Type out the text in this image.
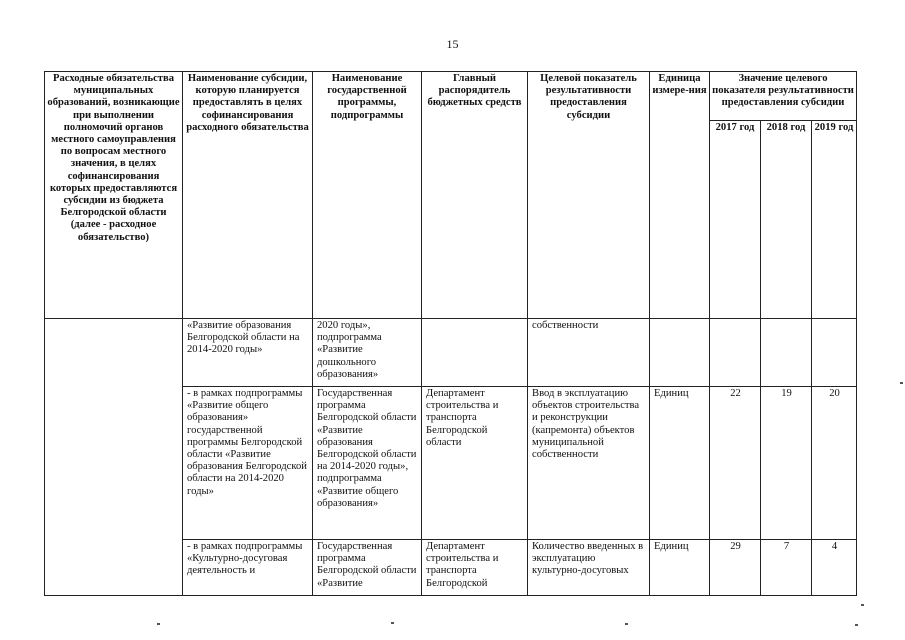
15
Расходные обязательства муниципальных образований, возникающие при выполнении полномочий органов местного самоуправления по вопросам местного значения, в целях софинансирования которых предоставляются субсидии из бюджета Белгородской области (далее - расходное обязательство)	Наименование субсидии, которую планируется предоставлять в целях софинансирования расходного обязательства	Наименование государственной программы, подпрограммы	Главный распорядитель бюджетных средств	Целевой показатель результативности предоставления субсидии	Единица измере-ния	Значение целевого показателя результативности предоставления субсидии		
						2017 год	2018 год	2019 год
	«Развитие образования Белгородской области на 2014-2020 годы»	2020 годы», подпрограмма «Развитие дошкольного образования»		собственности				
	- в рамках подпрограммы «Развитие общего образования» государственной программы Белгородской области «Развитие образования Белгородской области на 2014-2020 годы»	Государственная программа Белгородской области «Развитие образования Белгородской области на 2014-2020 годы», подпрограмма «Развитие общего образования»	Департамент строительства и транспорта Белгородской области	Ввод в эксплуатацию объектов строительства и реконструкции (капремонта) объектов муниципальной собственности	Единиц	22	19	20
	- в рамках подпрограммы «Культурно-досуговая деятельность и	Государственная программа Белгородской области «Развитие	Департамент строительства и транспорта Белгородской	Количество введенных в эксплуатацию культурно-досуговых	Единиц	29	7	4
